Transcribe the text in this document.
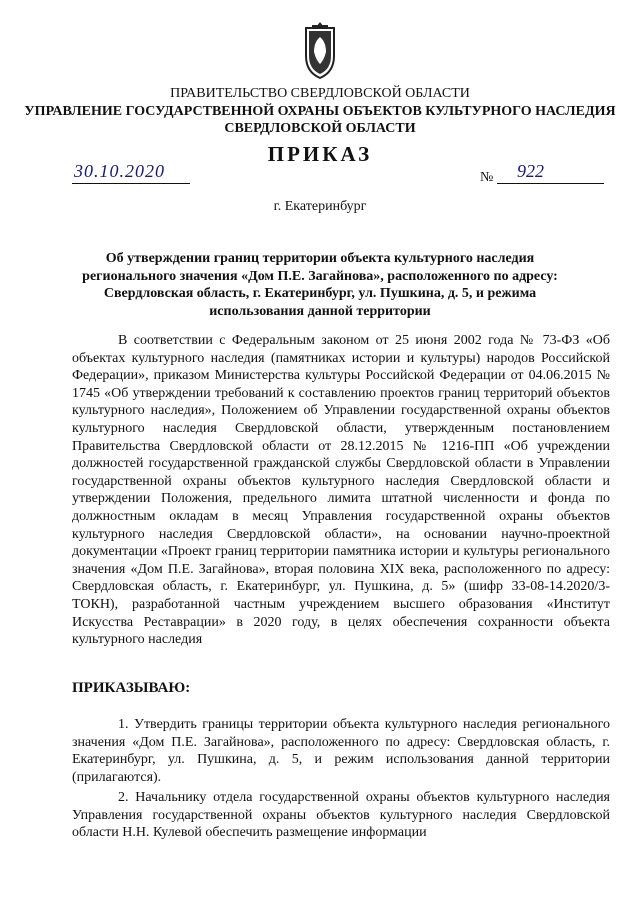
ПРАВИТЕЛЬСТВО СВЕРДЛОВСКОЙ ОБЛАСТИ
УПРАВЛЕНИЕ ГОСУДАРСТВЕННОЙ ОХРАНЫ ОБЪЕКТОВ КУЛЬТУРНОГО НАСЛЕДИЯ
СВЕРДЛОВСКОЙ ОБЛАСТИ
ПРИКАЗ
30.10.2020	№ 922
г. Екатеринбург
Об утверждении границ территории объекта культурного наследия регионального значения «Дом П.Е. Загайнова», расположенного по адресу: Свердловская область, г. Екатеринбург, ул. Пушкина, д. 5, и режима использования данной территории
В соответствии с Федеральным законом от 25 июня 2002 года № 73-ФЗ «Об объектах культурного наследия (памятниках истории и культуры) народов Российской Федерации», приказом Министерства культуры Российской Федерации от 04.06.2015 № 1745 «Об утверждении требований к составлению проектов границ территорий объектов культурного наследия», Положением об Управлении государственной охраны объектов культурного наследия Свердловской области, утвержденным постановлением Правительства Свердловской области от 28.12.2015 № 1216-ПП «Об учреждении должностей государственной гражданской службы Свердловской области в Управлении государственной охраны объектов культурного наследия Свердловской области и утверждении Положения, предельного лимита штатной численности и фонда по должностным окладам в месяц Управления государственной охраны объектов культурного наследия Свердловской области», на основании научно-проектной документации «Проект границ территории памятника истории и культуры регионального значения «Дом П.Е. Загайнова», вторая половина XIX века, расположенного по адресу: Свердловская область, г. Екатеринбург, ул. Пушкина, д. 5» (шифр 33-08-14.2020/3-ТОКН), разработанной частным учреждением высшего образования «Институт Искусства Реставрации» в 2020 году, в целях обеспечения сохранности объекта культурного наследия
ПРИКАЗЫВАЮ:
1. Утвердить границы территории объекта культурного наследия регионального значения «Дом П.Е. Загайнова», расположенного по адресу: Свердловская область, г. Екатеринбург, ул. Пушкина, д. 5, и режим использования данной территории (прилагаются).
2. Начальнику отдела государственной охраны объектов культурного наследия Управления государственной охраны объектов культурного наследия Свердловской области Н.Н. Кулевой обеспечить размещение информации
